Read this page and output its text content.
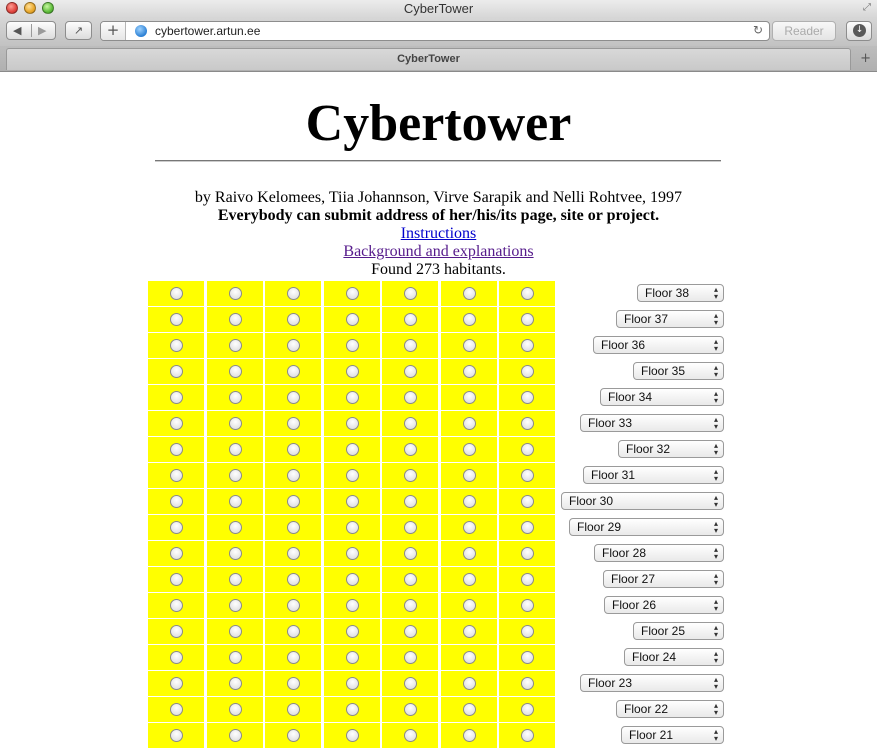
CyberTower	⤢
◀ ▶	↗	+	cybertower.artun.ee	↻	Reader	↓
CyberTower	+
Cybertower
by Raivo Kelomees, Tiia Johannson, Virve Sarapik and Nelli Rohtvee, 1997
Everybody can submit address of her/his/its page, site or project.
Instructions
Background and explanations
Found 273 habitants.
Floor 38	▴
▾
Floor 37	▴
▾
Floor 36	▴
▾
Floor 35	▴
▾
Floor 34	▴
▾
Floor 33	▴
▾
Floor 32	▴
▾
Floor 31	▴
▾
Floor 30	▴
▾
Floor 29	▴
▾
Floor 28	▴
▾
Floor 27	▴
▾
Floor 26	▴
▾
Floor 25	▴
▾
Floor 24	▴
▾
Floor 23	▴
▾
Floor 22	▴
▾
Floor 21	▴
▾
